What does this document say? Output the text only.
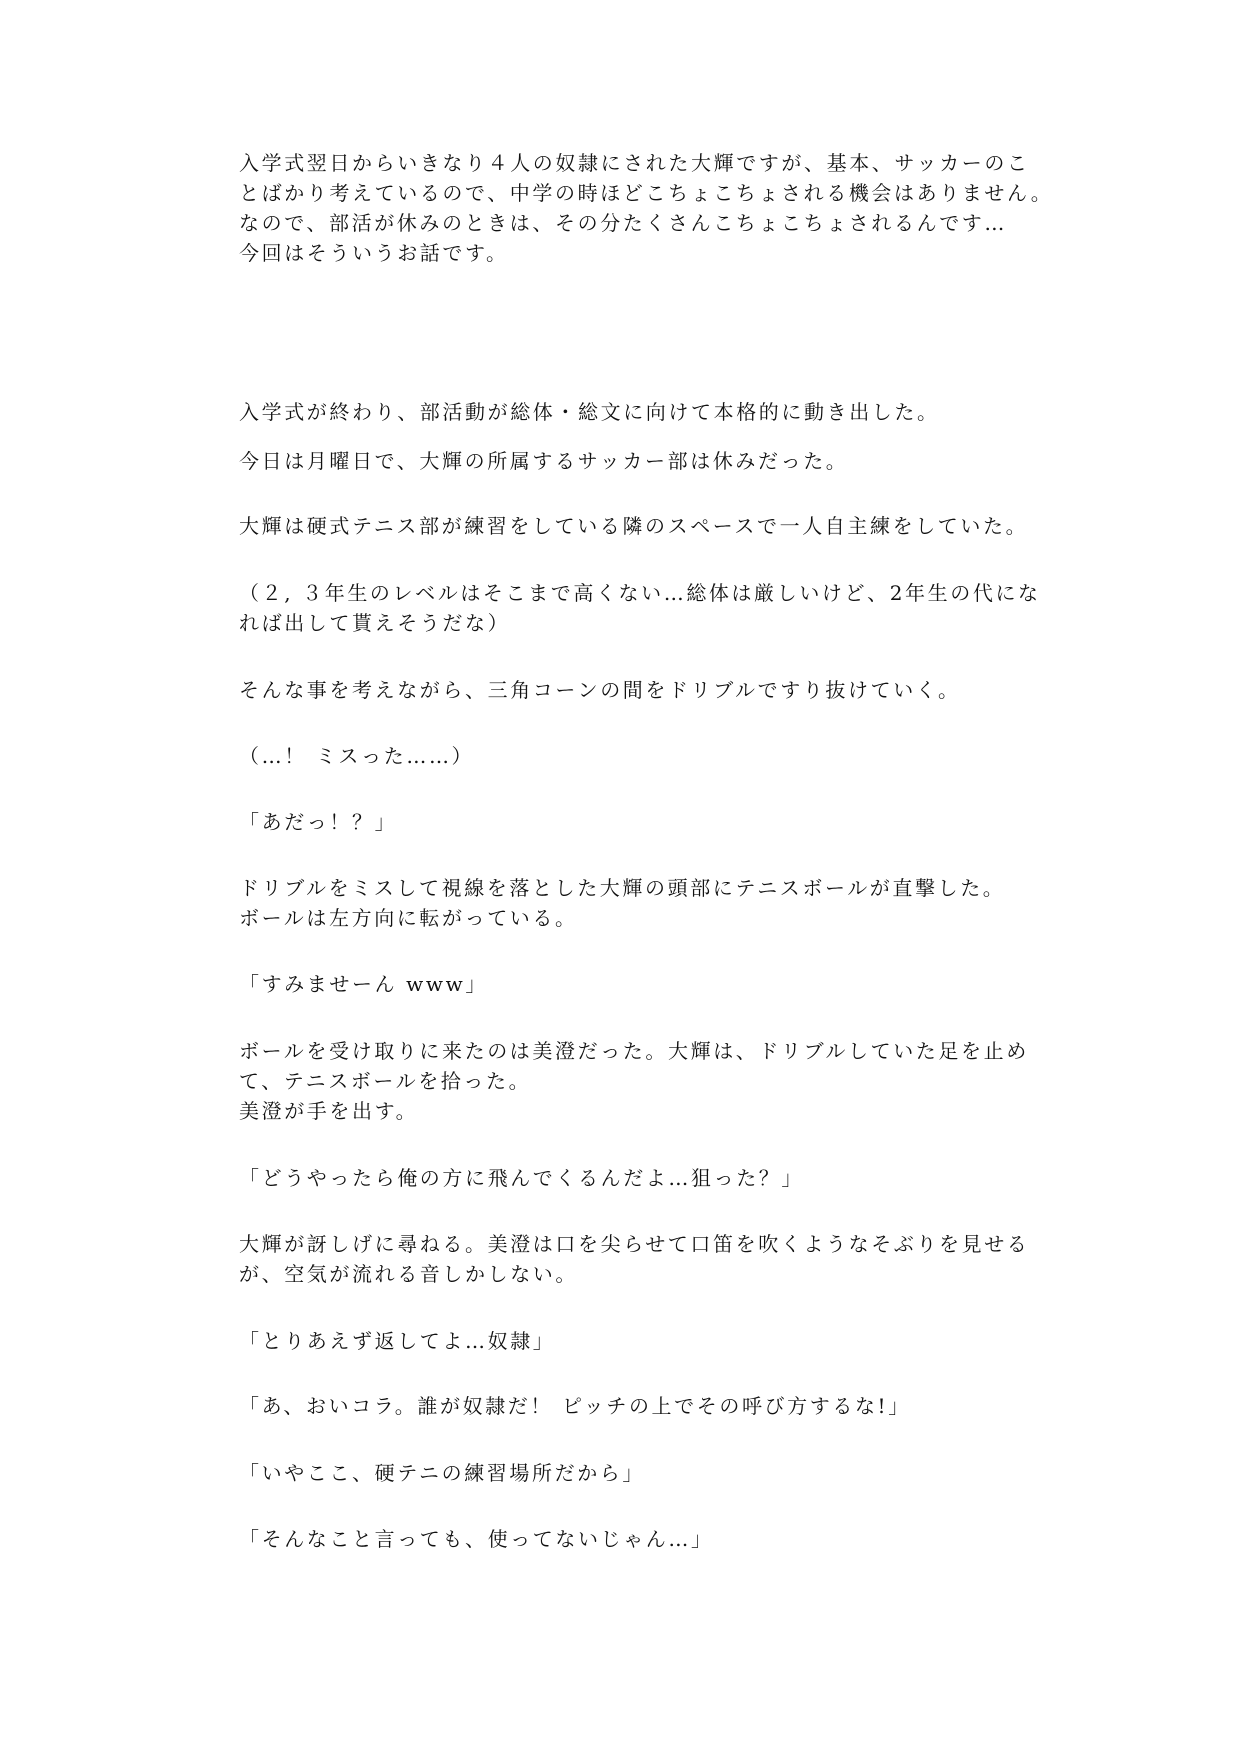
入学式翌日からいきなり４人の奴隷にされた大輝ですが、基本、サッカーのこ
とばかり考えているので、中学の時ほどこちょこちょされる機会はありません。
なので、部活が休みのときは、その分たくさんこちょこちょされるんです…
今回はそういうお話です。
入学式が終わり、部活動が総体・総文に向けて本格的に動き出した。
今日は月曜日で、大輝の所属するサッカー部は休みだった。
大輝は硬式テニス部が練習をしている隣のスペースで一人自主練をしていた。
（２, ３年生のレベルはそこまで高くない…総体は厳しいけど、2年生の代にな
れば出して貰えそうだな）
そんな事を考えながら、三角コーンの間をドリブルですり抜けていく。
（…！ ミスった……）
「あだっ！？」
ドリブルをミスして視線を落とした大輝の頭部にテニスボールが直撃した。
ボールは左方向に転がっている。
「すみませーん www」
ボールを受け取りに来たのは美澄だった。大輝は、ドリブルしていた足を止め
て、テニスボールを拾った。
美澄が手を出す。
「どうやったら俺の方に飛んでくるんだよ…狙った？」
大輝が訝しげに尋ねる。美澄は口を尖らせて口笛を吹くようなそぶりを見せる
が、空気が流れる音しかしない。
「とりあえず返してよ…奴隷」
「あ、おいコラ。誰が奴隷だ！ ピッチの上でその呼び方するな!」
「いやここ、硬テニの練習場所だから」
「そんなこと言っても、使ってないじゃん…」
